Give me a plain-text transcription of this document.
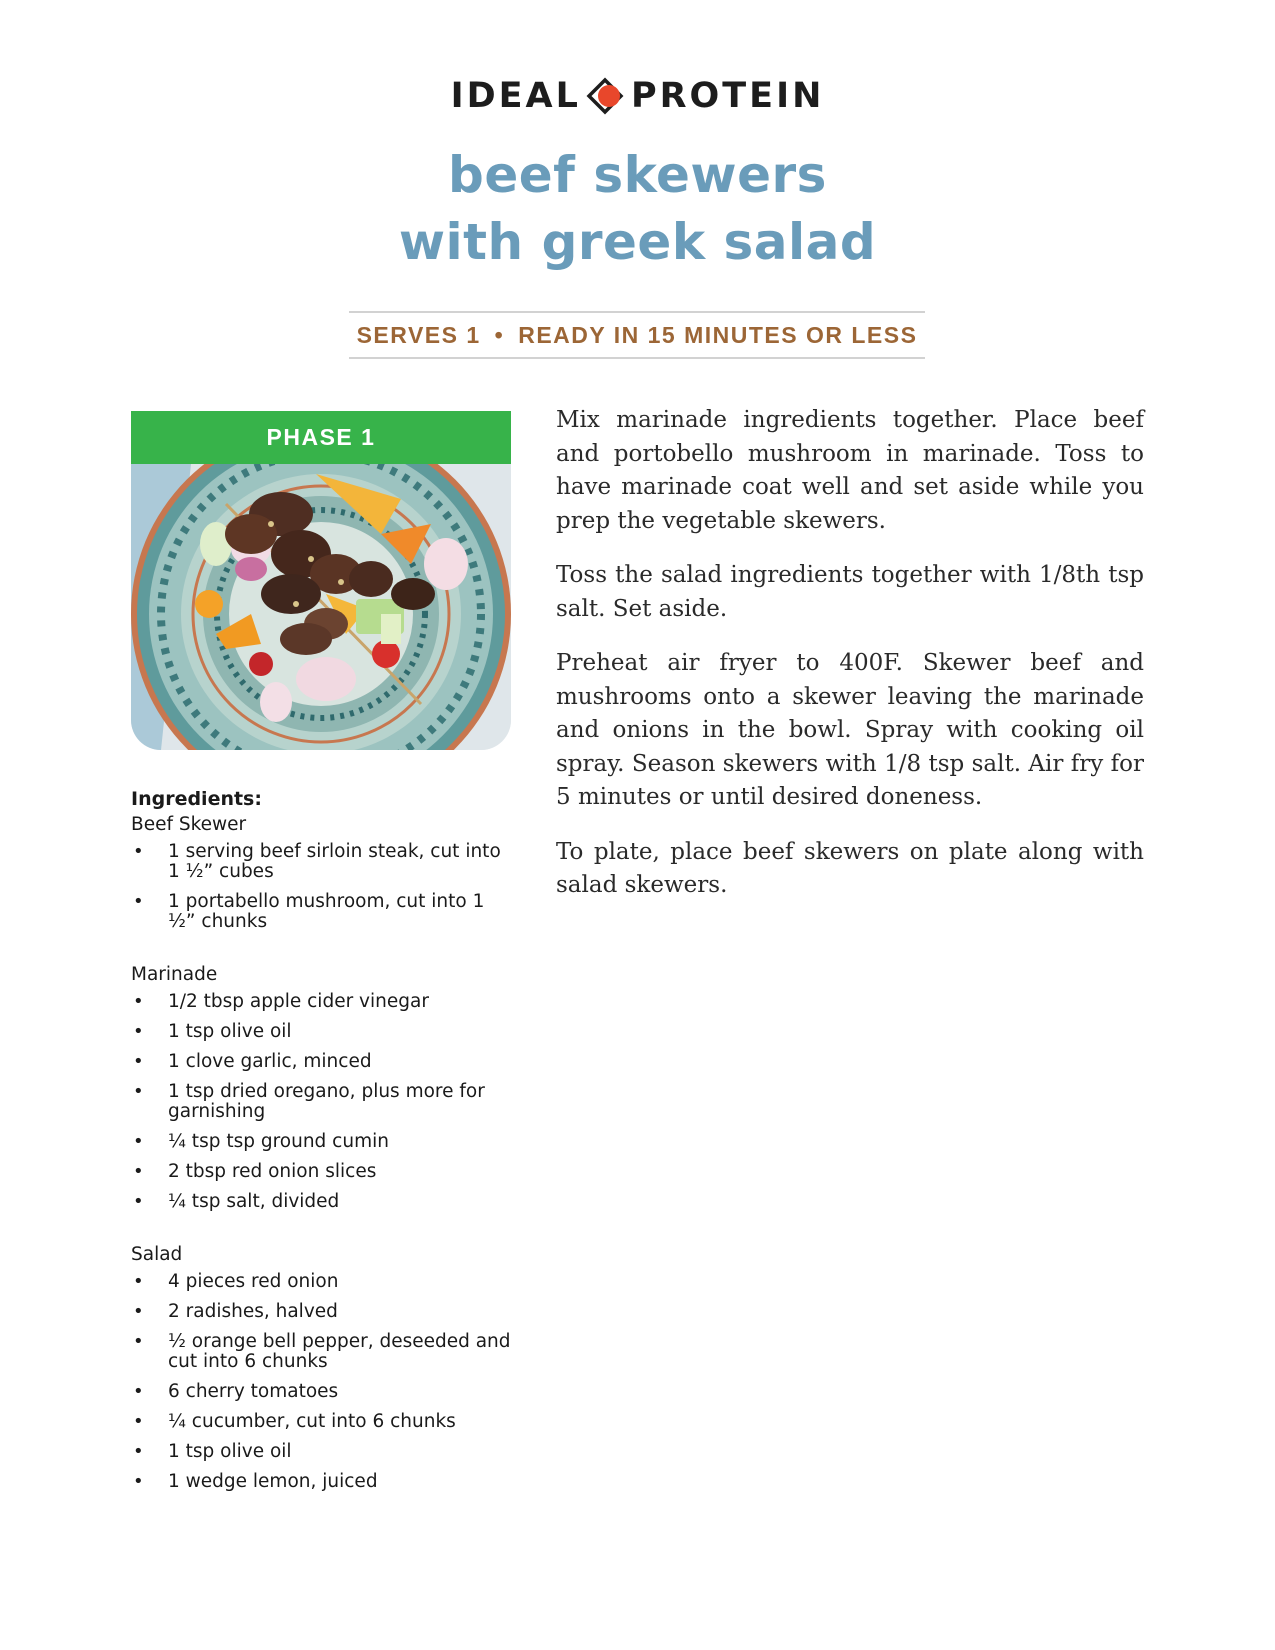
IDEAL PROTEIN
beef skewers
with greek salad
SERVES 1 • READY IN 15 MINUTES OR LESS
PHASE 1
Ingredients:
Beef Skewer
• 1 serving beef sirloin steak, cut into 1 ½” cubes
• 1 portabello mushroom, cut into 1 ½” chunks
Marinade
• 1/2 tbsp apple cider vinegar
• 1 tsp olive oil
• 1 clove garlic, minced
• 1 tsp dried oregano, plus more for garnishing
• ¼ tsp tsp ground cumin
• 2 tbsp red onion slices
• ¼ tsp salt, divided
Salad
• 4 pieces red onion
• 2 radishes, halved
• ½ orange bell pepper, deseeded and cut into 6 chunks
• 6 cherry tomatoes
• ¼ cucumber, cut into 6 chunks
• 1 tsp olive oil
• 1 wedge lemon, juiced

Mix marinade ingredients together. Place beef and portobello mushroom in marinade. Toss to have marinade coat well and set aside while you prep the vegetable skewers.

Toss the salad ingredients together with 1/8th tsp salt. Set aside.

Preheat air fryer to 400F. Skewer beef and mushrooms onto a skewer leaving the marinade and onions in the bowl. Spray with cooking oil spray. Season skewers with 1/8 tsp salt. Air fry for 5 minutes or until desired doneness.

To plate, place beef skewers on plate along with salad skewers.
